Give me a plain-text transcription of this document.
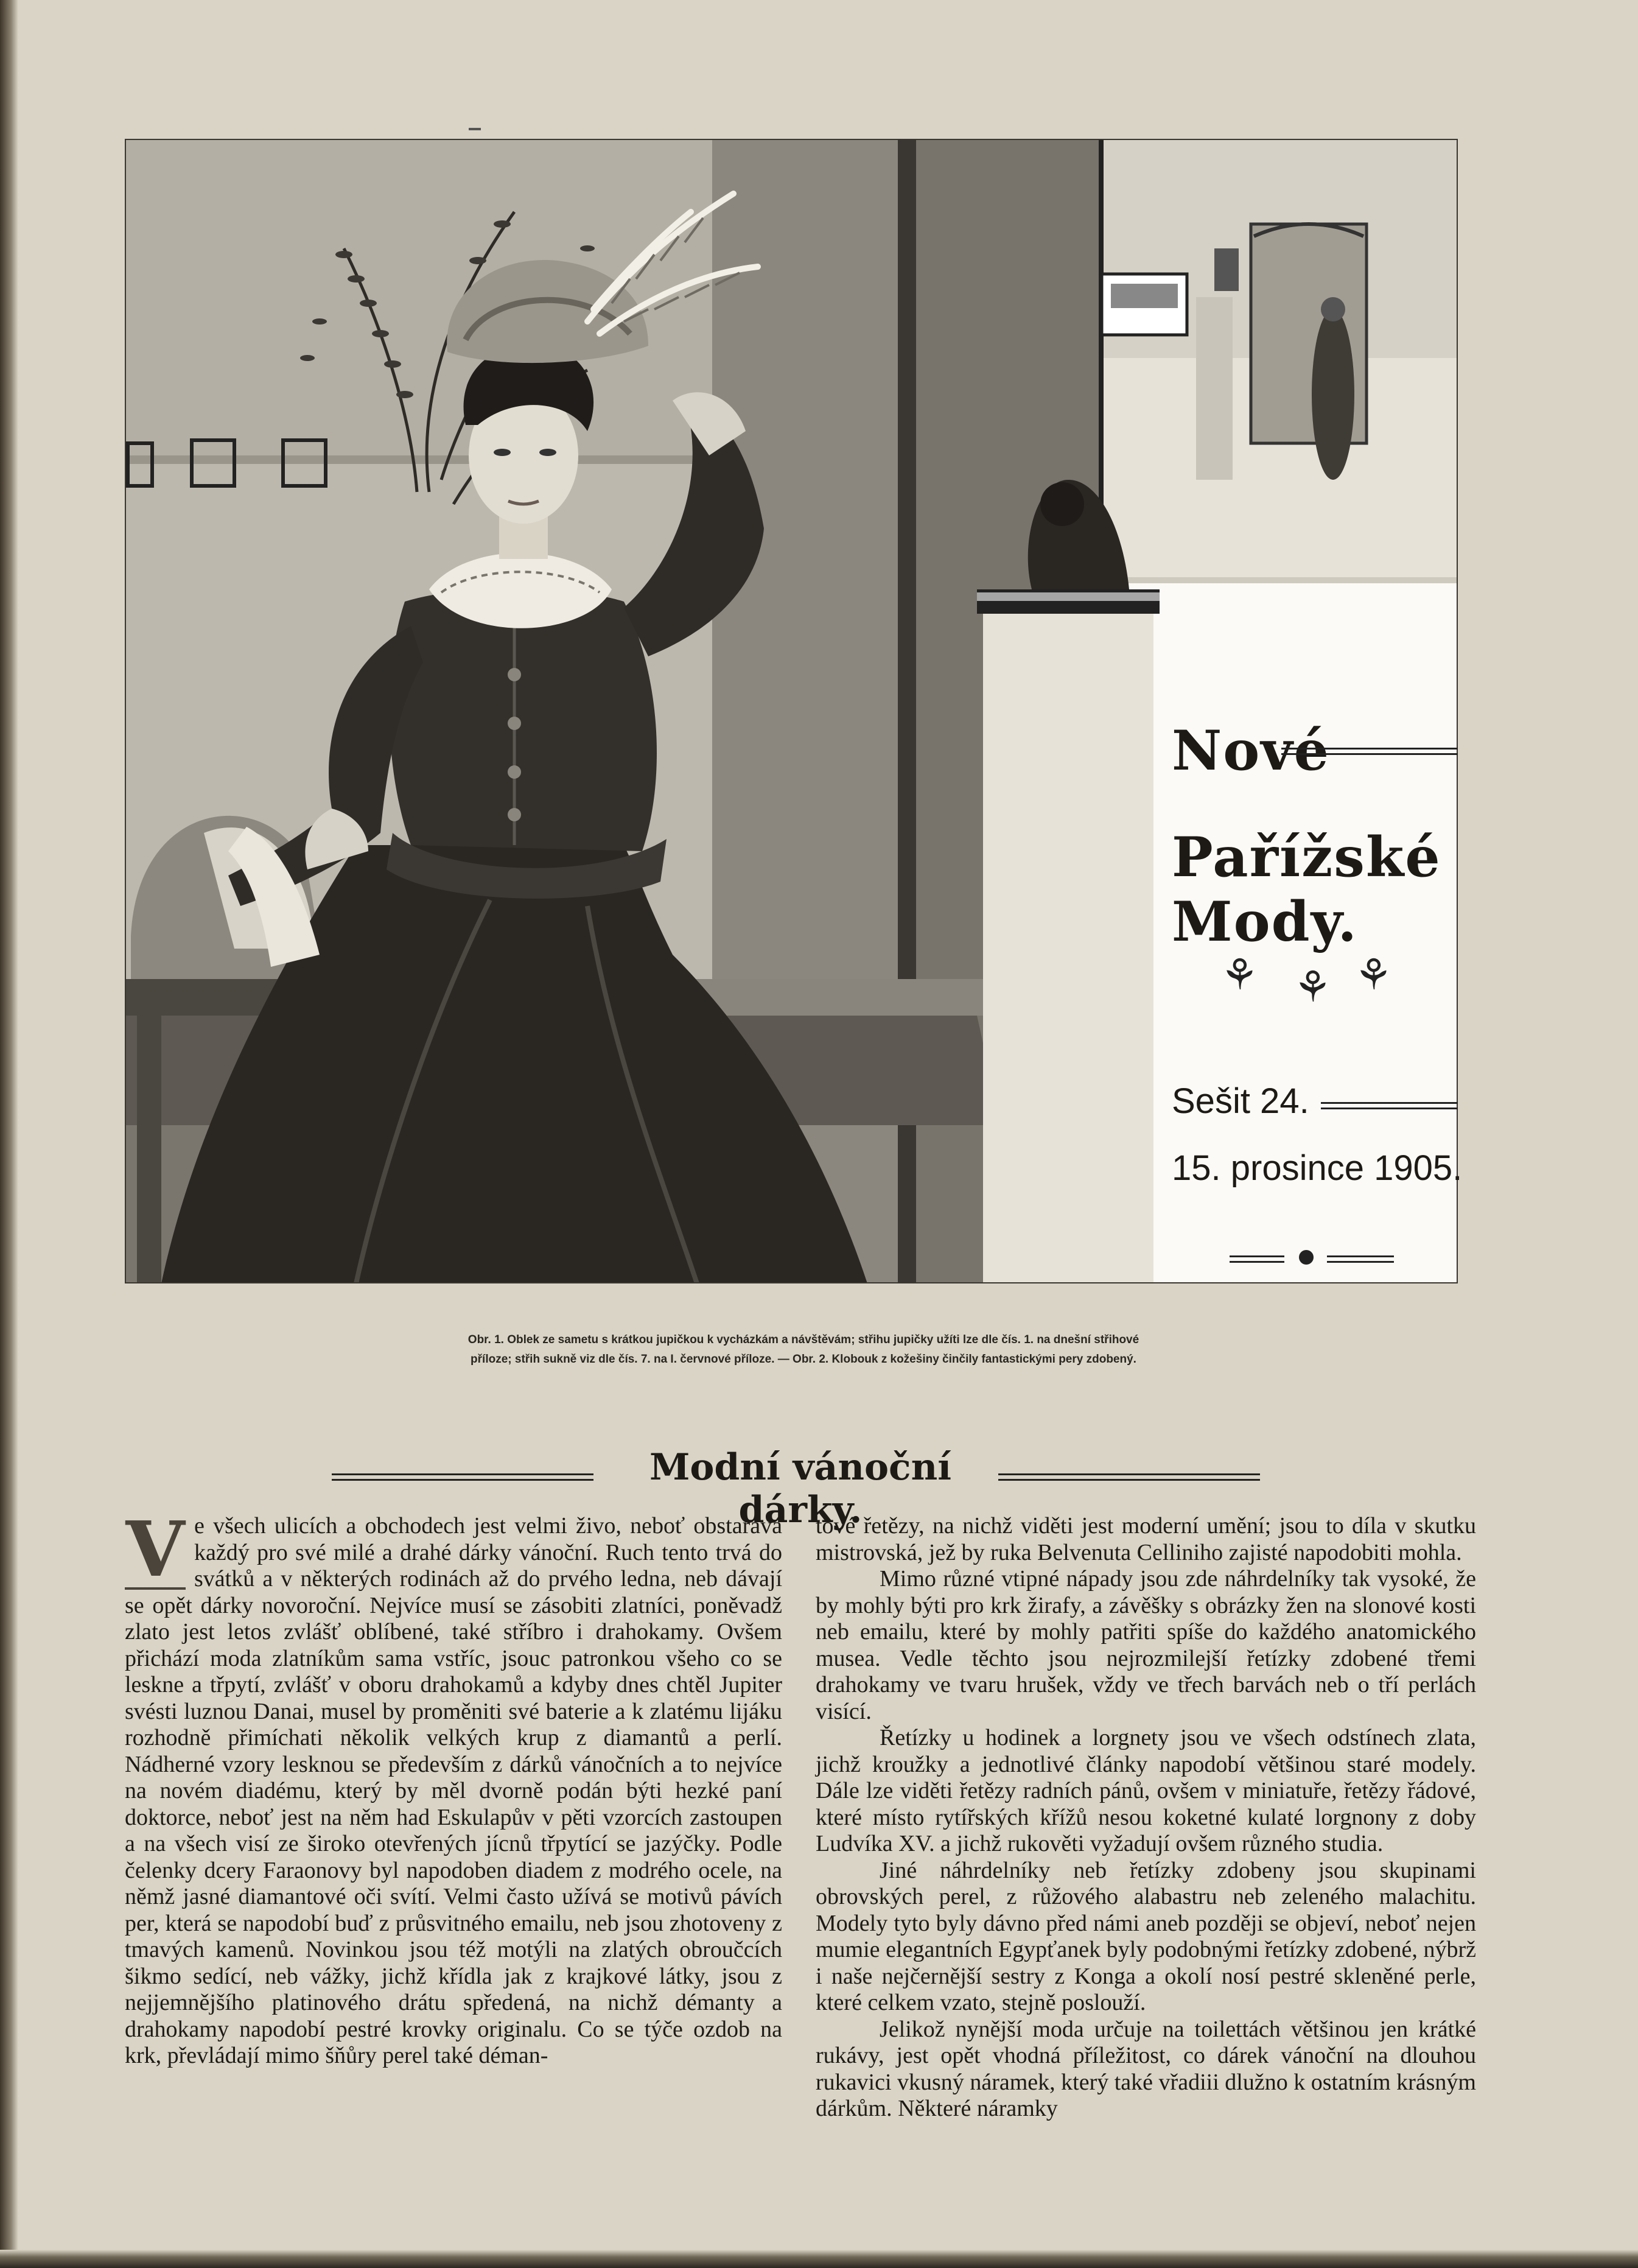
Nové
Pařížské Mody.
⚘ ⚘ ⚘
Sešit 24.
15. prosince 1905.
Obr. 1. Oblek ze sametu s krátkou jupičkou k vycházkám a návštěvám; střihu jupičky užíti lze dle čís. 1. na dnešní střihové
příloze; střih sukně viz dle čís. 7. na I. červnové příloze. — Obr. 2. Klobouk z kožešiny činčily fantastickými pery zdobený.
Modní vánoční dárky.

V e všech ulicích a obchodech jest velmi živo, neboť obstarává každý pro své milé a drahé dárky vánoční. Ruch tento trvá do svátků a v některých rodinách až do prvého ledna, neb dávají se opět dárky novoroční. Nejvíce musí se zásobiti zlatníci, poněvadž zlato jest letos zvlášť oblíbené, také stříbro i drahokamy. Ovšem přichází moda zlatníkům sama vstříc, jsouc patronkou všeho co se leskne a třpytí, zvlášť v oboru drahokamů a kdyby dnes chtěl Jupiter svésti luznou Danai, musel by proměniti své baterie a k zlatému lijáku rozhodně přimíchati několik velkých krup z diamantů a perlí. Nádherné vzory lesknou se především z dárků vánočních a to nejvíce na novém diadému, který by měl dvorně podán býti hezké paní doktorce, neboť jest na něm had Eskulapův v pěti vzorcích zastoupen a na všech visí ze široko otevřených jícnů třpytící se jazýčky. Podle čelenky dcery Faraonovy byl napodoben diadem z modrého ocele, na němž jasné diamantové oči svítí. Velmi často užívá se motivů pávích per, která se napodobí buď z průsvitného emailu, neb jsou zhotoveny z tmavých kamenů. Novinkou jsou též motýli na zlatých obroučcích šikmo sedící, neb vážky, jichž křídla jak z krajkové látky, jsou z nejjemnějšího platinového drátu spředená, na nichž démanty a drahokamy napodobí pestré krovky originalu. Co se týče ozdob na krk, převládají mimo šňůry perel také déman-

tové řetězy, na nichž viděti jest moderní umění; jsou to díla v skutku mistrovská, jež by ruka Belvenuta Celliniho zajisté napodobiti mohla.

Mimo různé vtipné nápady jsou zde náhrdelníky tak vysoké, že by mohly býti pro krk žirafy, a závěšky s obrázky žen na slonové kosti neb emailu, které by mohly patřiti spíše do každého anatomického musea. Vedle těchto jsou nejrozmilejší řetízky zdobené třemi drahokamy ve tvaru hrušek, vždy ve třech barvách neb o tří perlách visící.

Řetízky u hodinek a lorgnety jsou ve všech odstínech zlata, jichž kroužky a jednotlivé články napodobí většinou staré modely. Dále lze viděti řetězy radních pánů, ovšem v miniatuře, řetězy řádové, které místo rytířských křížů nesou koketné kulaté lorgnony z doby Ludvíka XV. a jichž rukověti vyžadují ovšem různého studia.

Jiné náhrdelníky neb řetízky zdobeny jsou skupinami obrovských perel, z růžového alabastru neb zeleného malachitu. Modely tyto byly dávno před námi aneb později se objeví, neboť nejen mumie elegantních Egypťanek byly podobnými řetízky zdobené, nýbrž i naše nejčernější sestry z Konga a okolí nosí pestré skleněné perle, které celkem vzato, stejně poslouží.

Jelikož nynější moda určuje na toilettách většinou jen krátké rukávy, jest opět vhodná příležitost, co dárek vánoční na dlouhou rukavici vkusný náramek, který také vřadiii dlužno k ostatním krásným dárkům. Některé náramky
